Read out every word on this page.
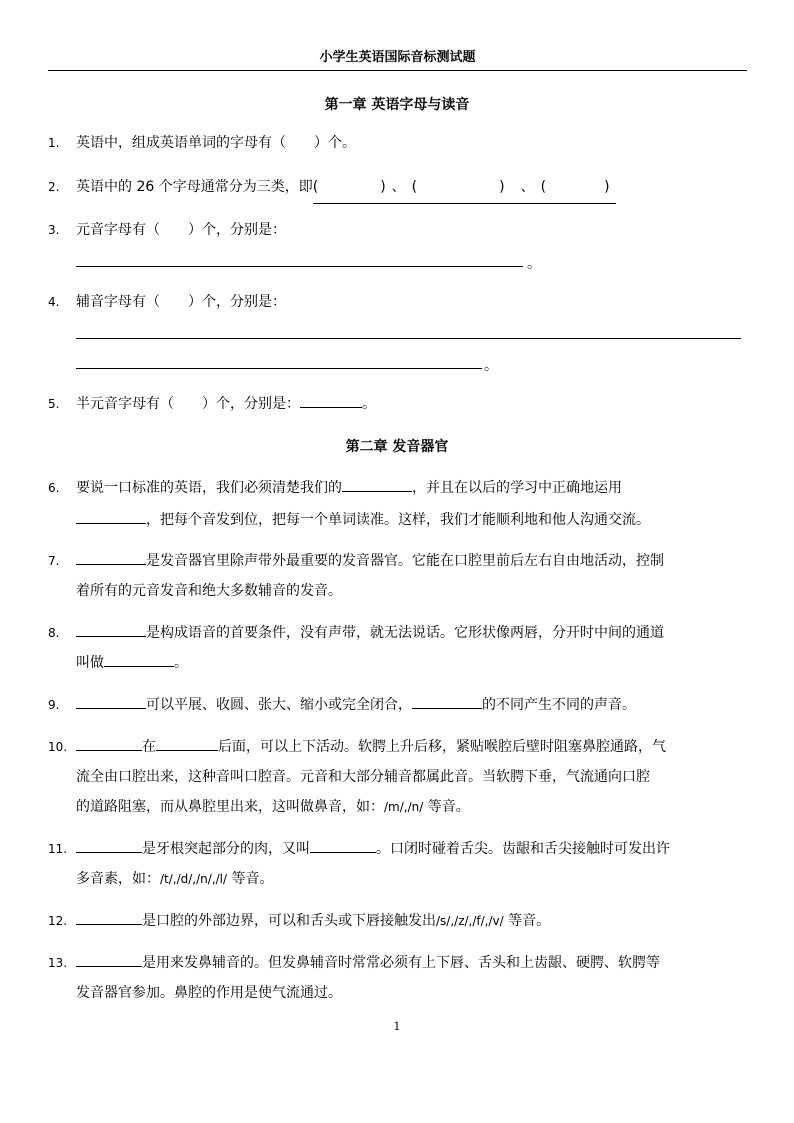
小学生英语国际音标测试题
第一章 英语字母与读音
1. 英语中，组成英语单词的字母有（　　）个。
2. 英语中的 26 个字母通常分为三类，即(	) 、 (	) 、 (	)
3. 元音字母有（　　）个，分别是：
。
4. 辅音字母有（　　）个，分别是：
。
5. 半元音字母有（　　）个，分别是：	。
第二章 发音器官
6. 要说一口标准的英语，我们必须清楚我们的	，并且在以后的学习中正确地运用
，把每个音发到位，把每一个单词读准。这样，我们才能顺利地和他人沟通交流。
7.	是发音器官里除声带外最重要的发音器官。它能在口腔里前后左右自由地活动，控制
着所有的元音发音和绝大多数辅音的发音。
8.	是构成语音的首要条件，没有声带，就无法说话。它形状像两唇，分开时中间的通道
叫做	。
9.	可以平展、收圆、张大、缩小或完全闭合，	的不同产生不同的声音。
10.	在	后面，可以上下活动。软腭上升后移，紧贴喉腔后壁时阻塞鼻腔通路，气
流全由口腔出来，这种音叫口腔音。元音和大部分辅音都属此音。当软腭下垂，气流通向口腔
的道路阻塞，而从鼻腔里出来，这叫做鼻音，如：/m/,/n/ 等音。
11.	是牙根突起部分的肉，又叫	。口闭时碰着舌尖。齿龈和舌尖接触时可发出许
多音素，如：/t/,/d/,/n/,/l/ 等音。
12.	是口腔的外部边界，可以和舌头或下唇接触发出/s/,/z/,/f/,/v/ 等音。
13.	是用来发鼻辅音的。但发鼻辅音时常常必须有上下唇、舌头和上齿龈、硬腭、软腭等
发音器官参加。鼻腔的作用是使气流通过。
1
